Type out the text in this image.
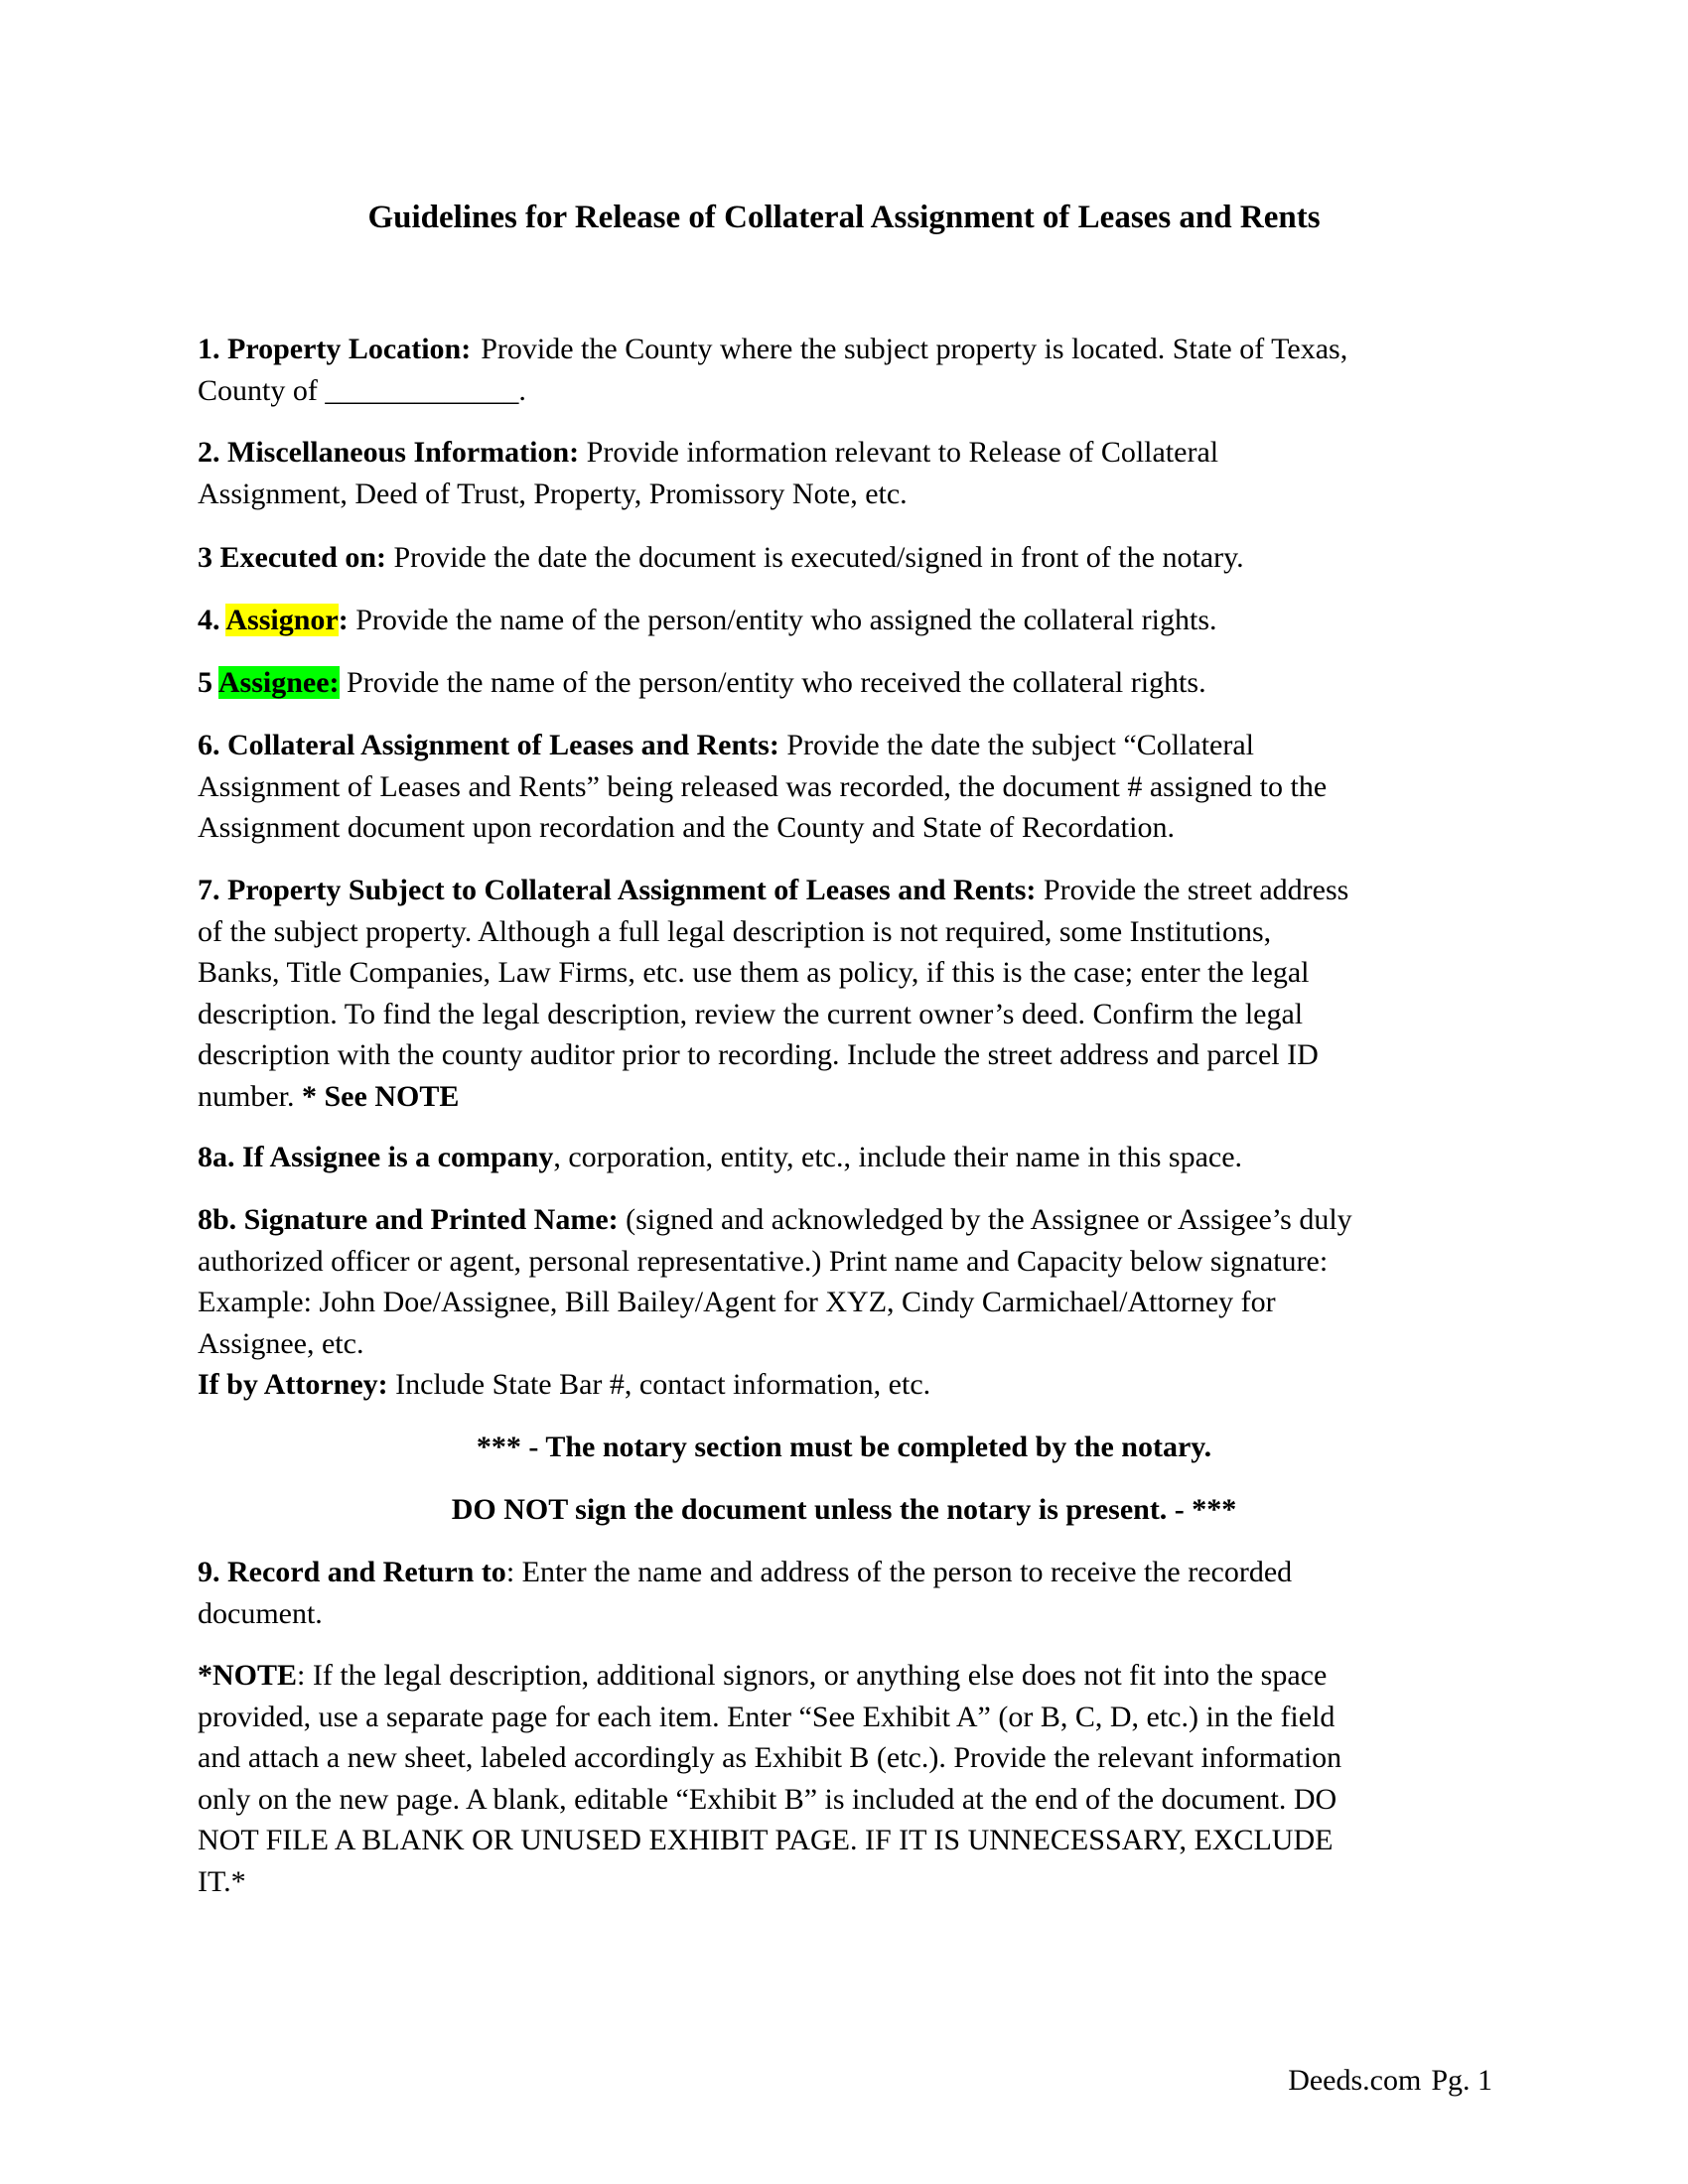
Guidelines for Release of Collateral Assignment of Leases and Rents
1. Property Location: Provide the County where the subject property is located. State of Texas,
County of _____________.
2. Miscellaneous Information: Provide information relevant to Release of Collateral
Assignment, Deed of Trust, Property, Promissory Note, etc.
3 Executed on: Provide the date the document is executed/signed in front of the notary.
4. Assignor: Provide the name of the person/entity who assigned the collateral rights.
5 Assignee: Provide the name of the person/entity who received the collateral rights.
6. Collateral Assignment of Leases and Rents: Provide the date the subject “Collateral
Assignment of Leases and Rents” being released was recorded, the document # assigned to the
Assignment document upon recordation and the County and State of Recordation.
7. Property Subject to Collateral Assignment of Leases and Rents: Provide the street address
of the subject property. Although a full legal description is not required, some Institutions,
Banks, Title Companies, Law Firms, etc. use them as policy, if this is the case; enter the legal
description. To find the legal description, review the current owner’s deed. Confirm the legal
description with the county auditor prior to recording. Include the street address and parcel ID
number. * See NOTE
8a. If Assignee is a company, corporation, entity, etc., include their name in this space.
8b. Signature and Printed Name: (signed and acknowledged by the Assignee or Assigee’s duly
authorized officer or agent, personal representative.) Print name and Capacity below signature:
Example: John Doe/Assignee, Bill Bailey/Agent for XYZ, Cindy Carmichael/Attorney for
Assignee, etc.
If by Attorney: Include State Bar #, contact information, etc.
*** - The notary section must be completed by the notary.
DO NOT sign the document unless the notary is present. - ***
9. Record and Return to: Enter the name and address of the person to receive the recorded
document.
*NOTE: If the legal description, additional signors, or anything else does not fit into the space
provided, use a separate page for each item. Enter “See Exhibit A” (or B, C, D, etc.) in the field
and attach a new sheet, labeled accordingly as Exhibit B (etc.). Provide the relevant information
only on the new page. A blank, editable “Exhibit B” is included at the end of the document. DO
NOT FILE A BLANK OR UNUSED EXHIBIT PAGE. IF IT IS UNNECESSARY, EXCLUDE
IT.*
Deeds.com Pg. 1
